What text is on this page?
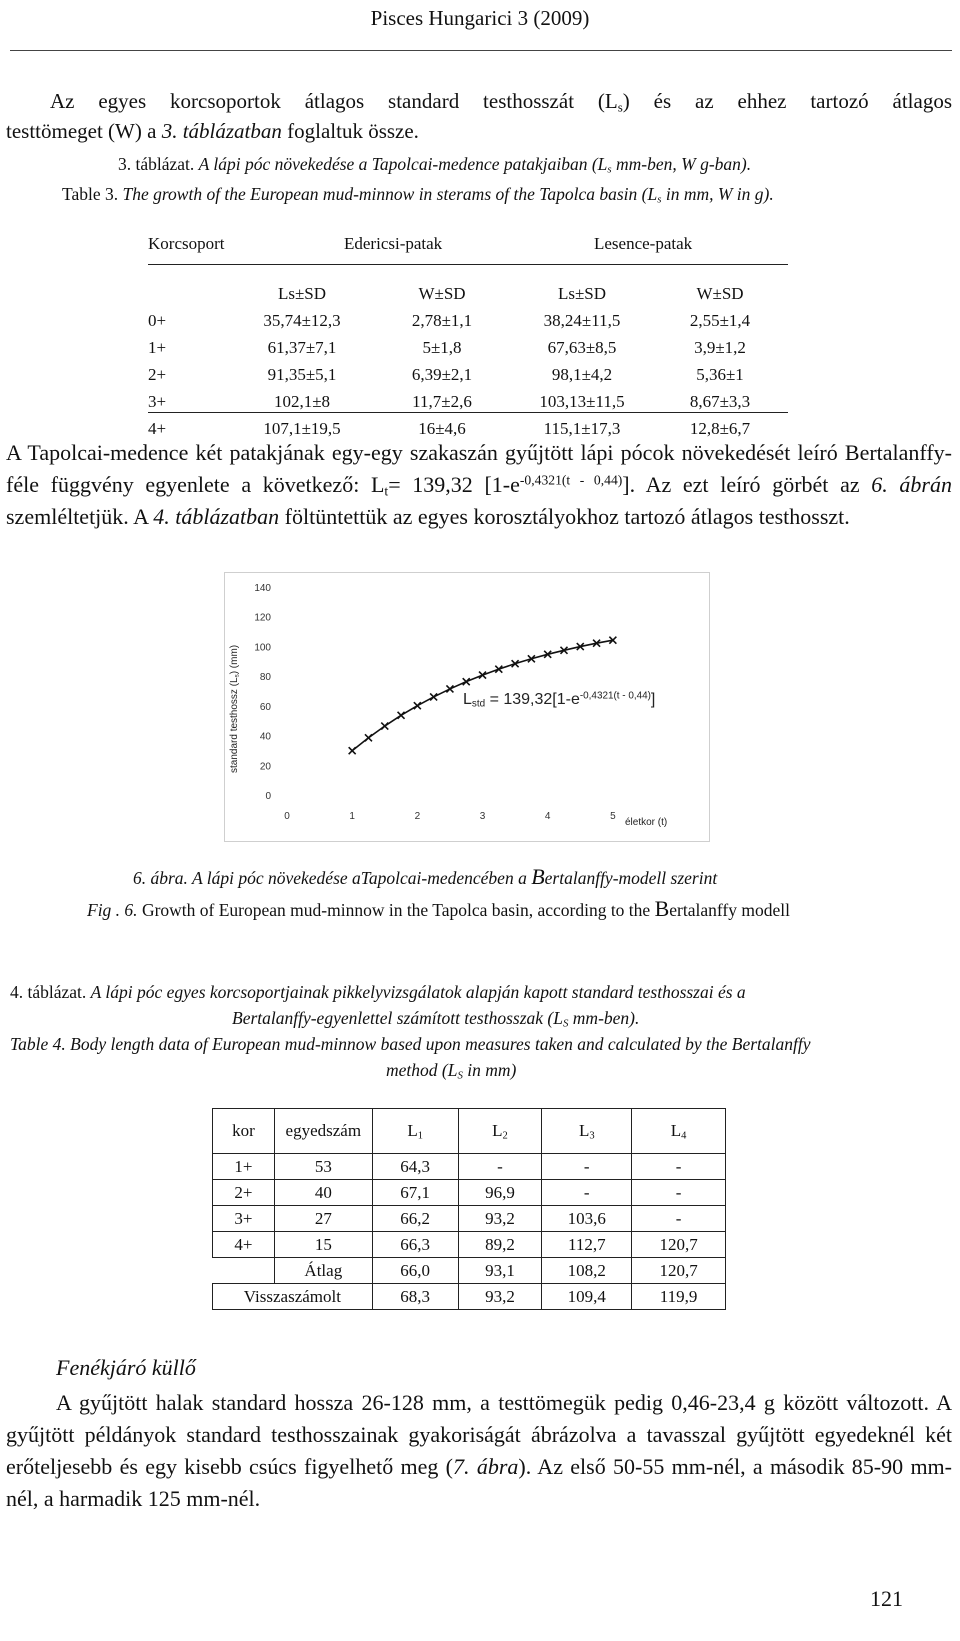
Pisces Hungarici 3 (2009)
Az egyes korcsoportok átlagos standard testhosszát $(L_s)$ és az ehhez tartozó átlagos
testtömeget (W) a 3. táblázatban foglaltuk össze.
3. táblázat. A lápi póc növekedése a Tapolcai-medence patakjaiban ($L_s$ mm-ben, W g-ban).
Table 3. The growth of the European mud-minnow in sterams of the Tapolca basin ($L_s$ in mm, W in g).
Korcsoport	Edericsi-patak	Lesence-patak
	Ls±SD	W±SD	Ls±SD	W±SD
0+	35,74±12,3	2,78±1,1	38,24±11,5	2,55±1,4
1+	61,37±7,1	5±1,8	67,63±8,5	3,9±1,2
2+	91,35±5,1	6,39±2,1	98,1±4,2	5,36±1
3+	102,1±8	11,7±2,6	103,13±11,5	8,67±3,3
4+	107,1±19,5	16±4,6	115,1±17,3	12,8±6,7
A Tapolcai-medence két patakjának egy-egy szakaszán gyűjtött lápi pócok növekedését leíró Bertalanffy-féle függvény egyenlete a következő: $L_t= 139,32$ $[1-e^{-0,4321(t - 0,44)}]$. Az ezt leíró görbét az 6. ábrán szemléltetjük. A 4. táblázatban föltüntettük az egyes korosztályokhoz tartozó átlagos testhosszt.
140
120
100
80
60
40
20
0
0	1	2	3	4	5
standard testhossz $(L_s)$ (mm)
$L_{std} = 139,32[1-e^{-0,4321(t - 0,44)}]$
életkor (t)
6. ábra. A lápi póc növekedése aTapolcai-medencében a Bertalanffy-modell szerint
Fig . 6. Growth of European mud-minnow in the Tapolca basin, according to the Bertalanffy modell
4. táblázat. A lápi póc egyes korcsoportjainak pikkelyvizsgálatok alapján kapott standard testhosszai és a
Bertalanffy-egyenlettel számított testhosszak ($L_S$ mm-ben).
Table 4. Body length data of European mud-minnow based upon measures taken and calculated by the Bertalanffy
method ($L_S$ in mm)
kor	egyedszám	$L_1$	$L_2$	$L_3$	$L_4$
1+	53	64,3	-	-	-
2+	40	67,1	96,9	-	-
3+	27	66,2	93,2	103,6	-
4+	15	66,3	89,2	112,7	120,7
	Átlag	66,0	93,1	108,2	120,7
Visszaszámolt		68,3	93,2	109,4	119,9
Fenékjáró küllő
A gyűjtött halak standard hossza 26-128 mm, a testtömegük pedig 0,46-23,4 g között változott. A gyűjtött példányok standard testhosszainak gyakoriságát ábrázolva a tavasszal gyűjtött egyedeknél két erőteljesebb és egy kisebb csúcs figyelhető meg (7. ábra). Az első 50-55 mm-nél, a második 85-90 mm-nél, a harmadik 125 mm-nél.
121
